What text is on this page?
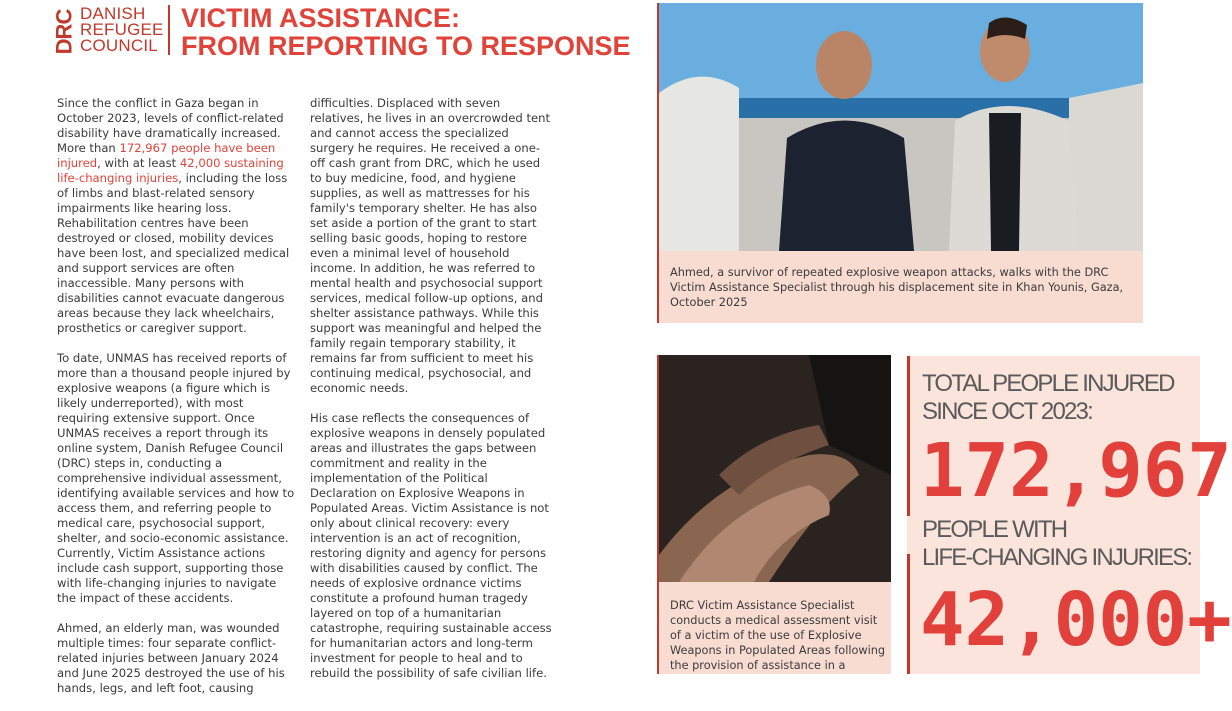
DRC DANISH
REFUGEE
COUNCIL
VICTIM ASSISTANCE:
FROM REPORTING TO RESPONSE

Since the conflict in Gaza began in October 2023, levels of conflict-related disability have dramatically increased. More than 172,967 people have been injured, with at least 42,000 sustaining life-changing injuries, including the loss of limbs and blast-related sensory impairments like hearing loss. Rehabilitation centres have been destroyed or closed, mobility devices have been lost, and specialized medical and support services are often inaccessible. Many persons with disabilities cannot evacuate dangerous areas because they lack wheelchairs, prosthetics or caregiver support.

To date, UNMAS has received reports of more than a thousand people injured by explosive weapons (a figure which is likely underreported), with most requiring extensive support. Once UNMAS receives a report through its online system, Danish Refugee Council (DRC) steps in, conducting a comprehensive individual assessment, identifying available services and how to access them, and referring people to medical care, psychosocial support, shelter, and socio-economic assistance. Currently, Victim Assistance actions include cash support, supporting those with life-changing injuries to navigate the impact of these accidents.

Ahmed, an elderly man, was wounded multiple times: four separate conflict-related injuries between January 2024 and June 2025 destroyed the use of his hands, legs, and left foot, causing

difficulties. Displaced with seven relatives, he lives in an overcrowded tent and cannot access the specialized surgery he requires. He received a one-off cash grant from DRC, which he used to buy medicine, food, and hygiene supplies, as well as mattresses for his family's temporary shelter. He has also set aside a portion of the grant to start selling basic goods, hoping to restore even a minimal level of household income. In addition, he was referred to mental health and psychosocial support services, medical follow-up options, and shelter assistance pathways. While this support was meaningful and helped the family regain temporary stability, it remains far from sufficient to meet his continuing medical, psychosocial, and economic needs.

His case reflects the consequences of explosive weapons in densely populated areas and illustrates the gaps between commitment and reality in the implementation of the Political Declaration on Explosive Weapons in Populated Areas. Victim Assistance is not only about clinical recovery: every intervention is an act of recognition, restoring dignity and agency for persons with disabilities caused by conflict. The needs of explosive ordnance victims constitute a profound human tragedy layered on top of a humanitarian catastrophe, requiring sustainable access for humanitarian actors and long-term investment for people to heal and to rebuild the possibility of safe civilian life.

Ahmed, a survivor of repeated explosive weapon attacks, walks with the DRC Victim Assistance Specialist through his displacement site in Khan Younis, Gaza, October 2025
DRC Victim Assistance Specialist conducts a medical assessment visit of a victim of the use of Explosive Weapons in Populated Areas following the provision of assistance in a
TOTAL PEOPLE INJURED
SINCE OCT 2023:
172,967
PEOPLE WITH
LIFE-CHANGING INJURIES:
42,000+
